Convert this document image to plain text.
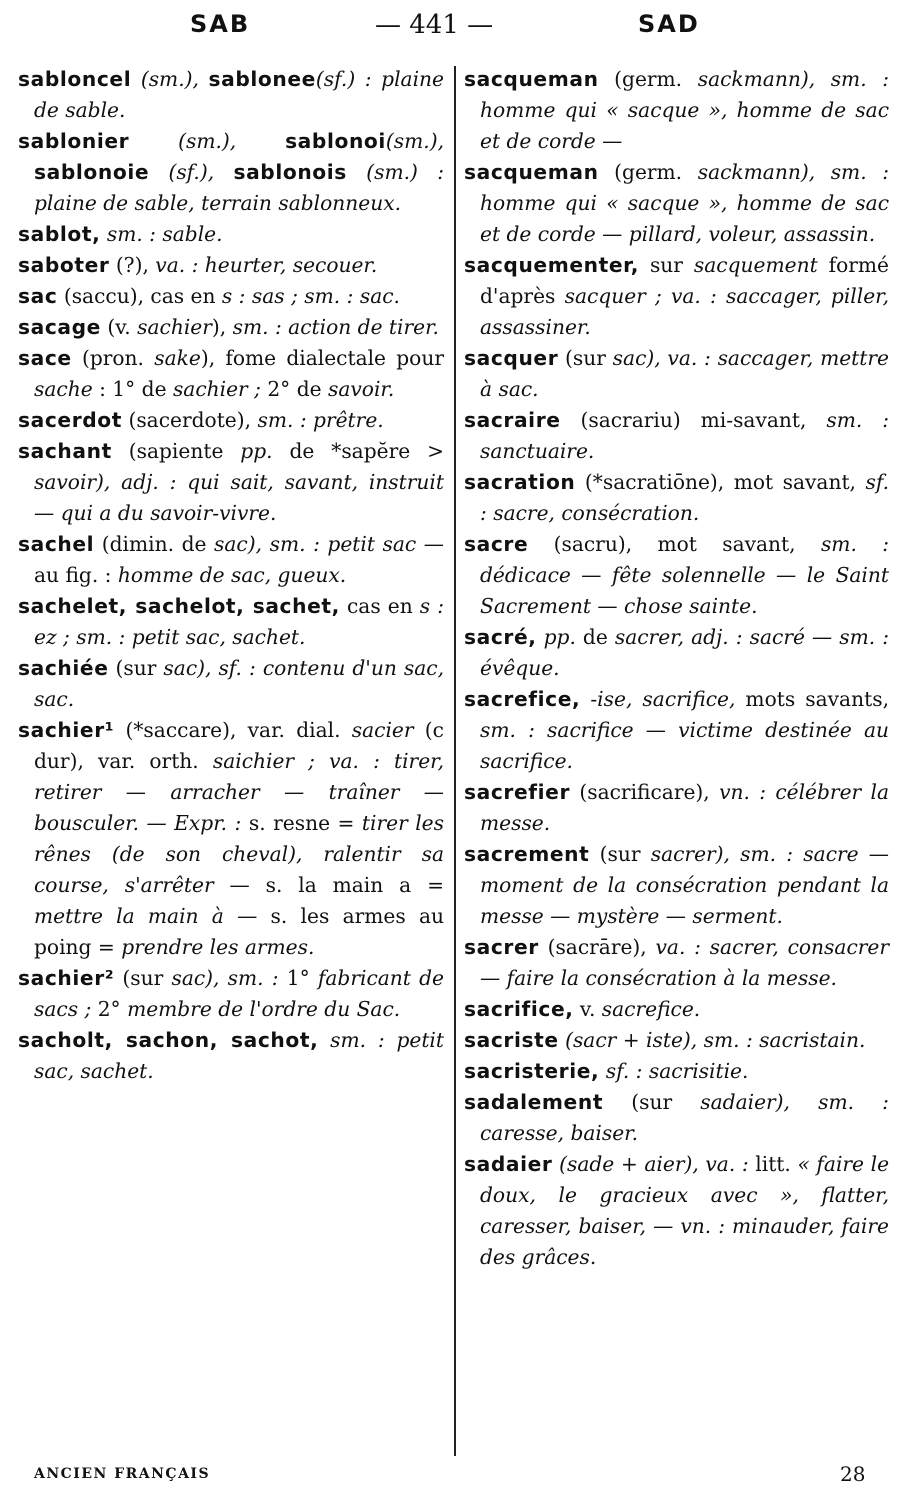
SAB	— 441 —	SAD
sabloncel (sm.), sablonee(sf.) : plaine de sable.
sablonier (sm.), sablonoi(sm.), sablonoie (sf.), sablonois (sm.) : plaine de sable, terrain sablonneux.
sablot, sm. : sable.
saboter (?), va. : heurter, secouer.
sac (saccu), cas en s : sas ; sm. : sac.
sacage (v. sachier), sm. : action de tirer.
sace (pron. sake), fome dialectale pour sache : 1° de sachier ; 2° de savoir.
sacerdot (sacerdote), sm. : prêtre.
sachant (sapiente pp. de *sapĕre > savoir), adj. : qui sait, savant, instruit — qui a du savoir-vivre.
sachel (dimin. de sac), sm. : petit sac — au fig. : homme de sac, gueux.
sachelet, sachelot, sachet, cas en s : ez ; sm. : petit sac, sachet.
sachiée (sur sac), sf. : contenu d'un sac, sac.
sachier¹ (*saccare), var. dial. sacier (c dur), var. orth. saichier ; va. : tirer, retirer — arracher — traîner — bousculer. — Expr. : s. resne = tirer les rênes (de son cheval), ralentir sa course, s'arrêter — s. la main a = mettre la main à — s. les armes au poing = prendre les armes.
sachier² (sur sac), sm. : 1° fabricant de sacs ; 2° membre de l'ordre du Sac.
sacholt, sachon, sachot, sm. : petit sac, sachet.
sacqueman (germ. sackmann), sm. : homme qui « sacque », homme de sac et de corde —
sacqueman (germ. sackmann), sm. : homme qui « sacque », homme de sac et de corde — pillard, voleur, assassin.
sacquementer, sur sacquement formé d'après sacquer ; va. : saccager, piller, assassiner.
sacquer (sur sac), va. : saccager, mettre à sac.
sacraire (sacrariu) mi-savant, sm. : sanctuaire.
sacration (*sacratiōne), mot savant, sf. : sacre, consécration.
sacre (sacru), mot savant, sm. : dédicace — fête solennelle — le Saint Sacrement — chose sainte.
sacré, pp. de sacrer, adj. : sacré — sm. : évêque.
sacrefice, -ise, sacrifice, mots savants, sm. : sacrifice — victime destinée au sacrifice.
sacrefier (sacrificare), vn. : célébrer la messe.
sacrement (sur sacrer), sm. : sacre — moment de la consécration pendant la messe — mystère — serment.
sacrer (sacrāre), va. : sacrer, consacrer — faire la consécration à la messe.
sacrifice, v. sacrefice.
sacriste (sacr + iste), sm. : sacristain.
sacristerie, sf. : sacrisitie.
sadalement (sur sadaier), sm. : caresse, baiser.
sadaier (sade + aier), va. : litt. « faire le doux, le gracieux avec », flatter, caresser, baiser, — vn. : minauder, faire des grâces.
ANCIEN FRANÇAIS	28
